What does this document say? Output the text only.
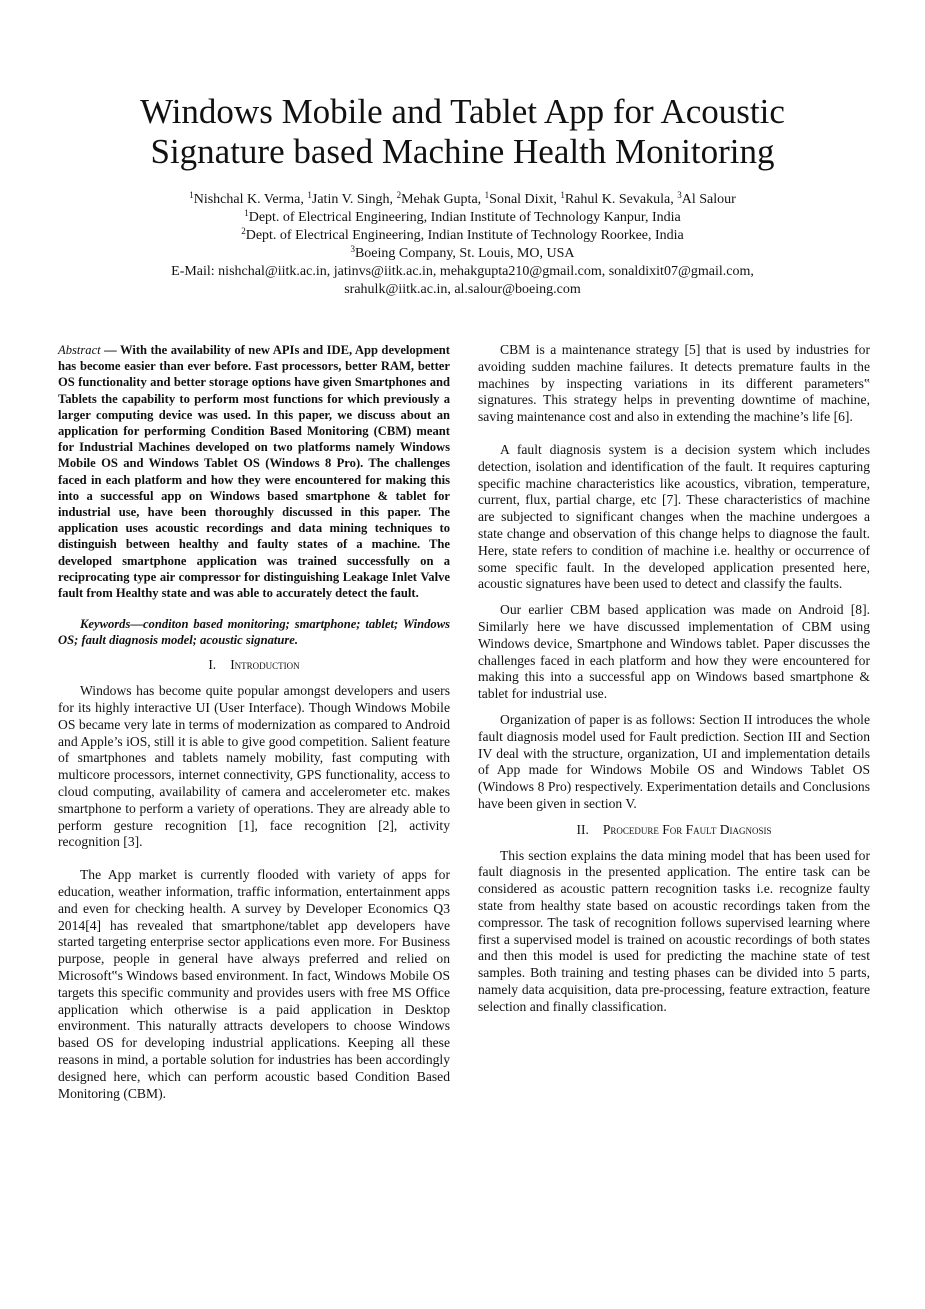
Windows Mobile and Tablet App for Acoustic
Signature based Machine Health Monitoring
$^1$Nishchal K. Verma, $^1$Jatin V. Singh, $^2$Mehak Gupta, $^1$Sonal Dixit, $^1$Rahul K. Sevakula, $^3$Al Salour
$^1$Dept. of Electrical Engineering, Indian Institute of Technology Kanpur, India
$^2$Dept. of Electrical Engineering, Indian Institute of Technology Roorkee, India
$^3$Boeing Company, St. Louis, MO, USA
E-Mail: nishchal@iitk.ac.in, jatinvs@iitk.ac.in, mehakgupta210@gmail.com, sonaldixit07@gmail.com,
srahulk@iitk.ac.in, al.salour@boeing.com

Abstract — With the availability of new APIs and IDE, App development has become easier than ever before. Fast processors, better RAM, better OS functionality and better storage options have given Smartphones and Tablets the capability to perform most functions for which previously a larger computing device was used. In this paper, we discuss about an application for performing Condition Based Monitoring (CBM) meant for Industrial Machines developed on two platforms namely Windows Mobile OS and Windows Tablet OS (Windows 8 Pro). The challenges faced in each platform and how they were encountered for making this into a successful app on Windows based smartphone & tablet for industrial use, have been thoroughly discussed in this paper. The application uses acoustic recordings and data mining techniques to distinguish between healthy and faulty states of a machine. The developed smartphone application was trained successfully on a reciprocating type air compressor for distinguishing Leakage Inlet Valve fault from Healthy state and was able to accurately detect the fault.

Keywords—conditon based monitoring; smartphone; tablet; Windows OS; fault diagnosis model; acoustic signature.

I. Introduction

Windows has become quite popular amongst developers and users for its highly interactive UI (User Interface). Though Windows Mobile OS became very late in terms of modernization as compared to Android and Apple’s iOS, still it is able to give good competition. Salient feature of smartphones and tablets namely mobility, fast computing with multicore processors, internet connectivity, GPS functionality, access to cloud computing, availability of camera and accelerometer etc. makes smartphone to perform a variety of operations. They are already able to perform gesture recognition [1], face recognition [2], activity recognition [3].

The App market is currently flooded with variety of apps for education, weather information, traffic information, entertainment apps and even for checking health. A survey by Developer Economics Q3 2014[4] has revealed that smartphone/tablet app developers have started targeting enterprise sector applications even more. For Business purpose, people in general have always preferred and relied on Microsoft‟s Windows based environment. In fact, Windows Mobile OS targets this specific community and provides users with free MS Office application which otherwise is a paid application in Desktop environment. This naturally attracts developers to choose Windows based OS for developing industrial applications. Keeping all these reasons in mind, a portable solution for industries has been accordingly designed here, which can perform acoustic based Condition Based Monitoring (CBM).

CBM is a maintenance strategy [5] that is used by industries for avoiding sudden machine failures. It detects premature faults in the machines by inspecting variations in its different parameters‟ signatures. This strategy helps in preventing downtime of machine, saving maintenance cost and also in extending the machine’s life [6].

A fault diagnosis system is a decision system which includes detection, isolation and identification of the fault. It requires capturing specific machine characteristics like acoustics, vibration, temperature, current, flux, partial charge, etc [7]. These characteristics of machine are subjected to significant changes when the machine undergoes a state change and observation of this change helps to diagnose the fault. Here, state refers to condition of machine i.e. healthy or occurrence of some specific fault. In the developed application presented here, acoustic signatures have been used to detect and classify the faults.

Our earlier CBM based application was made on Android [8]. Similarly here we have discussed implementation of CBM using Windows device, Smartphone and Windows tablet. Paper discusses the challenges faced in each platform and how they were encountered for making this into a successful app on Windows based smartphone & tablet for industrial use.

Organization of paper is as follows: Section II introduces the whole fault diagnosis model used for Fault prediction. Section III and Section IV deal with the structure, organization, UI and implementation details of App made for Windows Mobile OS and Windows Tablet OS (Windows 8 Pro) respectively. Experimentation details and Conclusions have been given in section V.

II. Procedure For Fault Diagnosis

This section explains the data mining model that has been used for fault diagnosis in the presented application. The entire task can be considered as acoustic pattern recognition tasks i.e. recognize faulty state from healthy state based on acoustic recordings taken from the compressor. The task of recognition follows supervised learning where first a supervised model is trained on acoustic recordings of both states and then this model is used for predicting the machine state of test samples. Both training and testing phases can be divided into 5 parts, namely data acquisition, data pre-processing, feature extraction, feature selection and finally classification.
